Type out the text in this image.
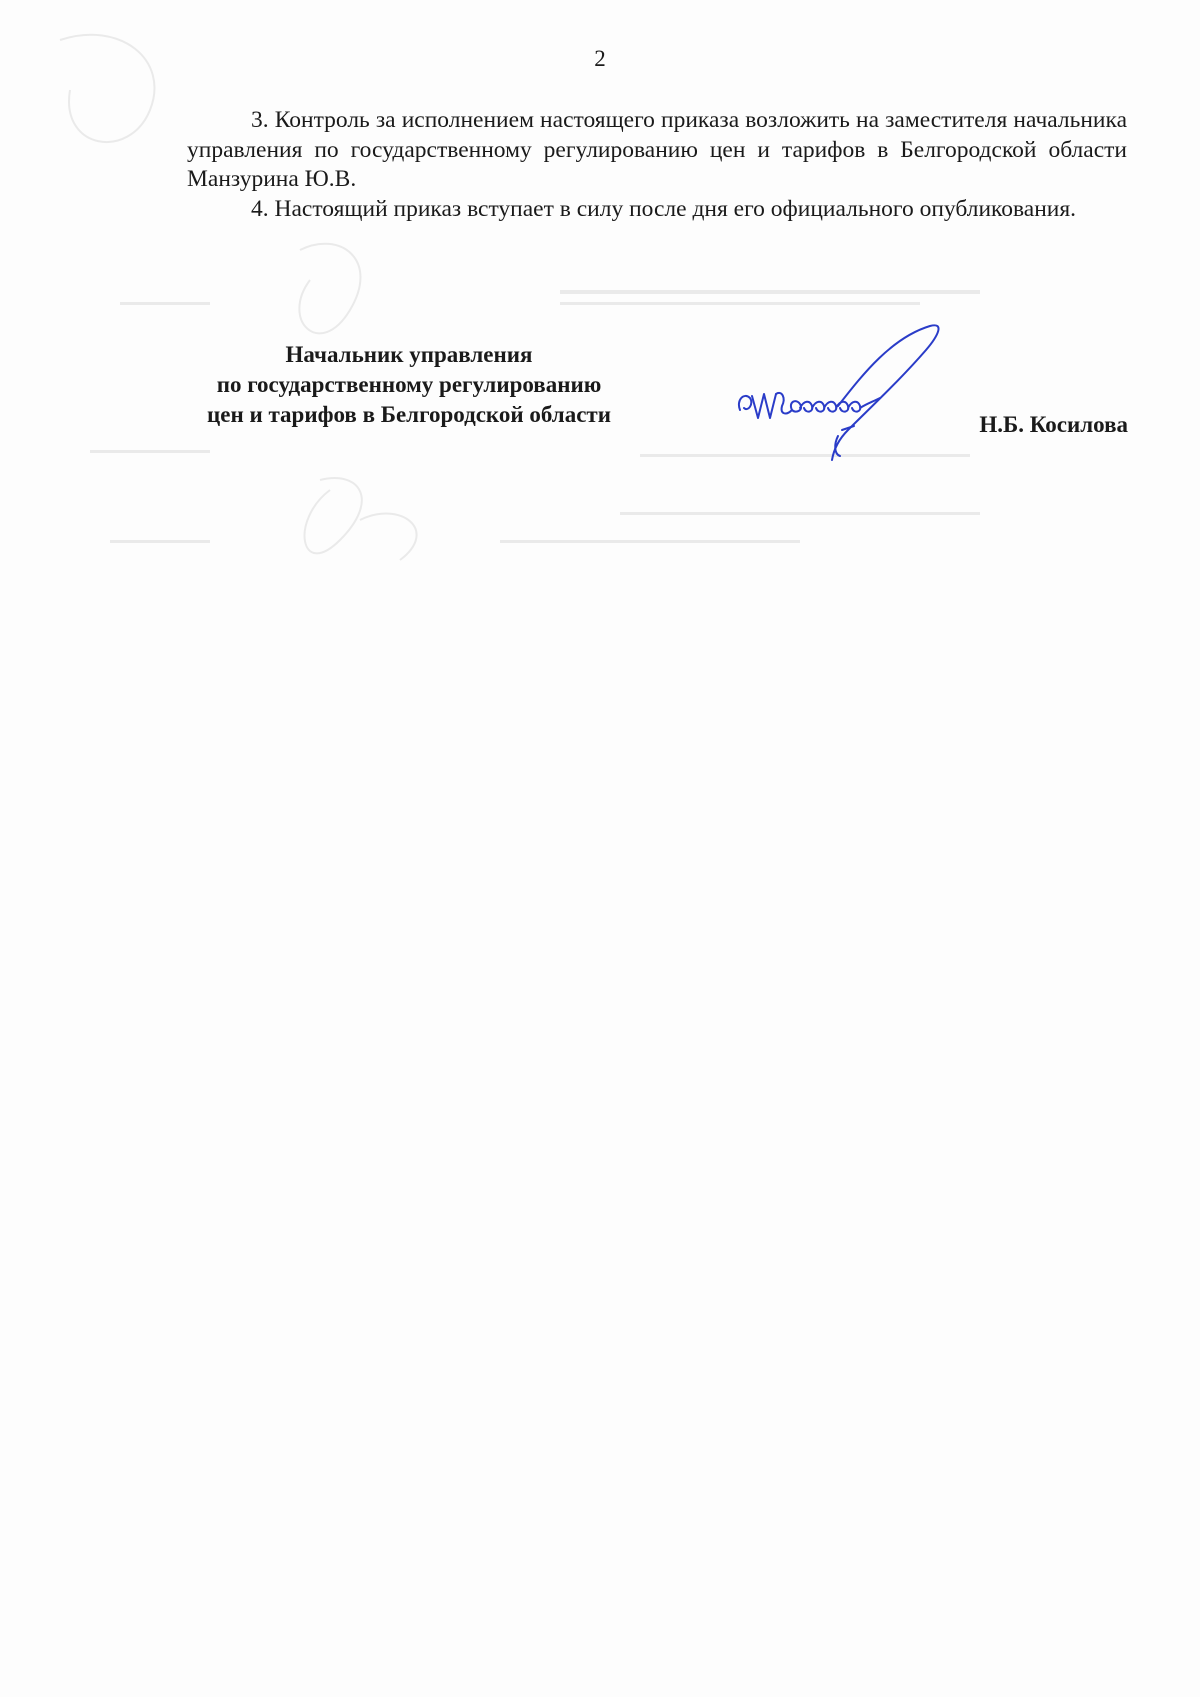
2

3. Контроль за исполнением настоящего приказа возложить на заместителя начальника управления по государственному регулированию цен и тарифов в Белгородской области Манзурина Ю.В.

4. Настоящий приказ вступает в силу после дня его официального опубликования.

Начальник управления
по государственному регулированию
цен и тарифов в Белгородской области	Н.Б. Косилова
